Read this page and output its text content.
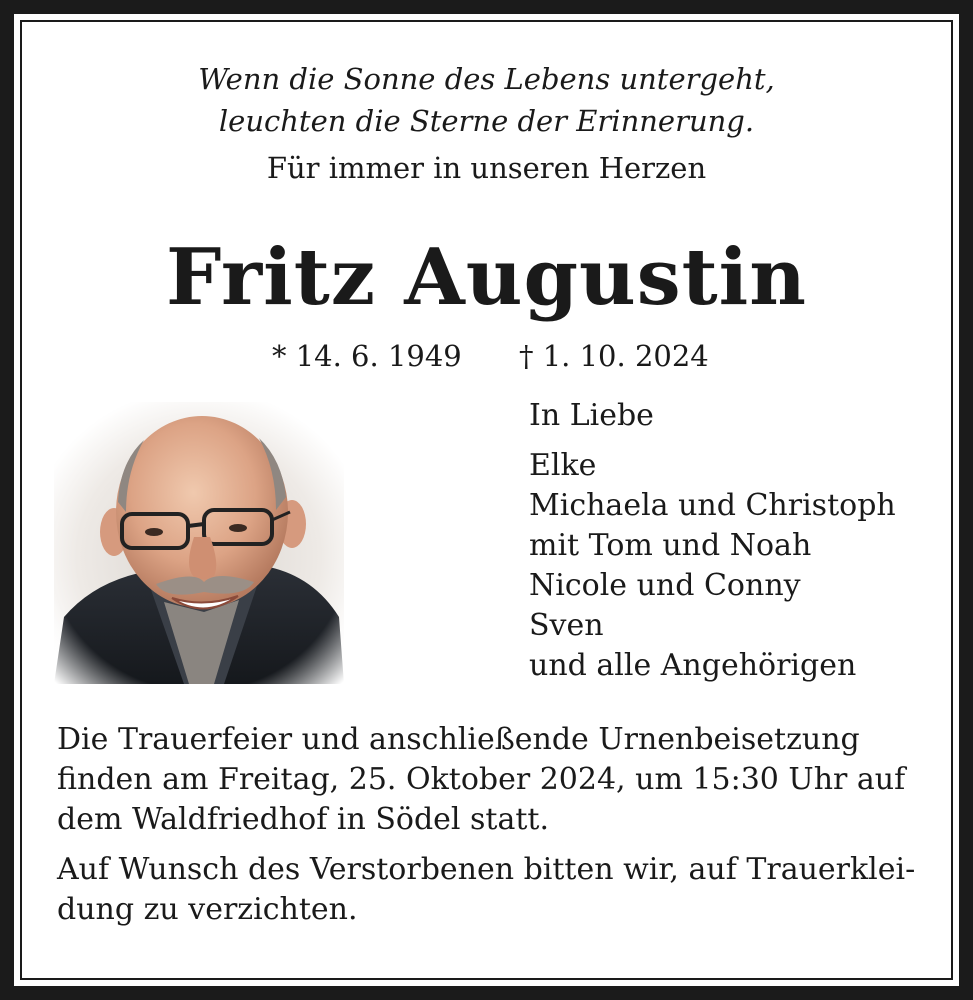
Wenn die Sonne des Lebens untergeht,
leuchten die Sterne der Erinnerung.
Für immer in unseren Herzen
Fritz Augustin
* 14. 6. 1949 † 1. 10. 2024
In Liebe
Elke
Michaela und Christoph
mit Tom und Noah
Nicole und Conny
Sven
und alle Angehörigen
Die Trauerfeier und anschließende Urnenbeisetzung
finden am Freitag, 25. Oktober 2024, um 15:30 Uhr auf
dem Waldfriedhof in Södel statt.
Auf Wunsch des Verstorbenen bitten wir, auf Trauerklei-
dung zu verzichten.
